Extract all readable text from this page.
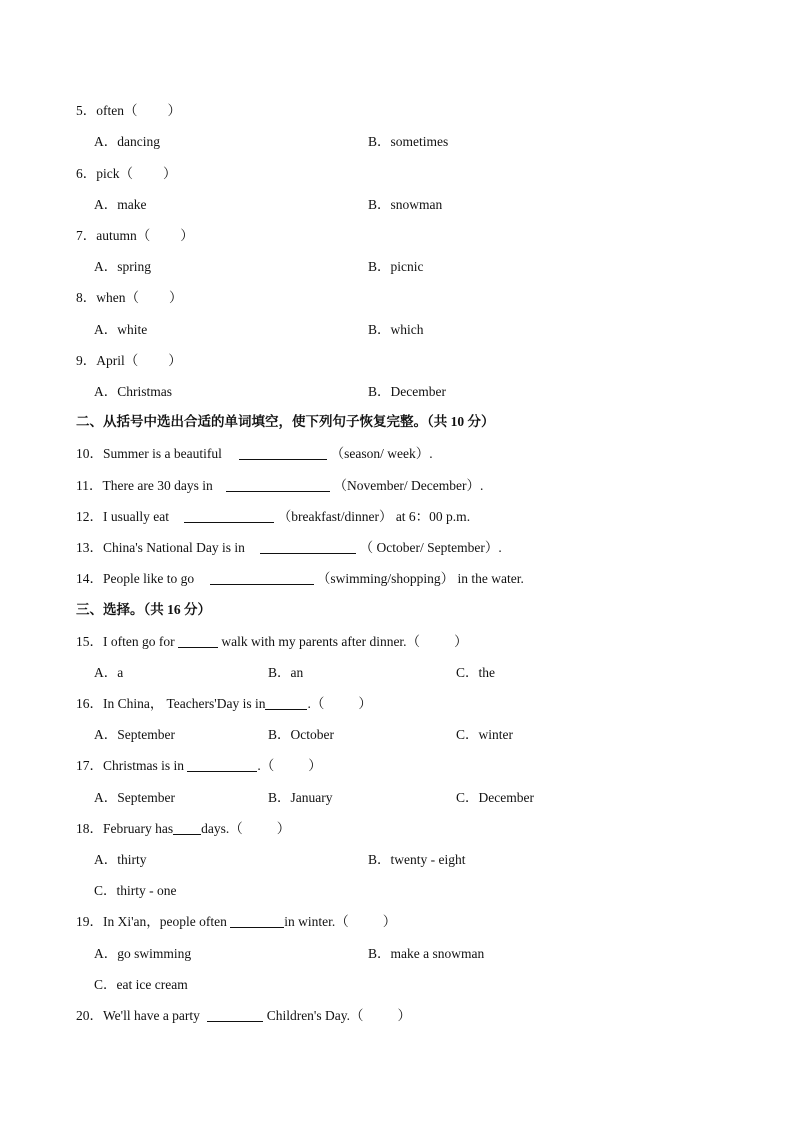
5．often（ ）
A．dancing	B．sometimes
6．pick（ ）
A．make	B．snowman
7．autumn（ ）
A．spring	B．picnic
8．when（ ）
A．white	B．which
9．April（ ）
A．Christmas	B．December
二、从括号中选出合适的单词填空，使下列句子恢复完整。（共 10 分）
10．Summer is a beautiful	（season/ week）.
11．There are 30 days in	（November/ December）.
12．I usually eat	（breakfast/dinner） at 6：00 p.m.
13．China's National Day is in	（ October/ September）.
14．People like to go	（swimming/shopping） in the water.
三、选择。（共 16 分）
15．I often go for	walk with my parents after dinner.（	）
A．a	B．an	C．the
16．In China， Teachers'Day is in	.（	）
A．September	B．October	C．winter
17．Christmas is in	.（	）
A．September	B．January	C．December
18．February has days.（	）
A．thirty	B．twenty - eight
C．thirty - one
19．In Xi'an，people often	in winter.（	）
A．go swimming	B．make a snowman
C．eat ice cream
20．We'll have a party	Children's Day.（	）
